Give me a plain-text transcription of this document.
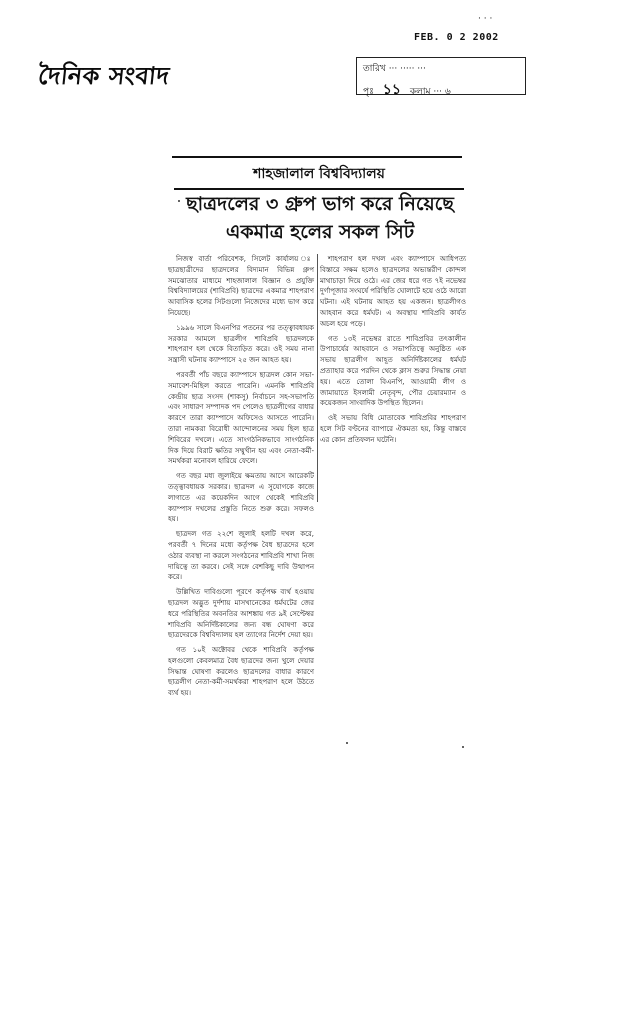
· · ·
FEB. 0 2 2002
দৈনিক সংবাদ	তারিখ ··· ····· ···
পৃঃ ১১ কলাম ··· ৬
শাহজালাল বিশ্ববিদ্যালয়
ছাত্রদলের ৩ গ্রুপ ভাগ করে নিয়েছে
একমাত্র হলের সকল সিট

নিজস্ব বার্তা পরিবেশক, সিলেট কার্যালয় ঃ ছাত্রছাত্রীদের ছাত্রদলের বিদ্যমান বিভিন্ন গ্রুপ সমঝোতার মাধ্যমে শাহজালাল বিজ্ঞান ও প্রযুক্তি বিশ্ববিদ্যালয়ের (শাবিপ্রবি) ছাত্রদের একমাত্র শাহপরাণ আবাসিক হলের সিটগুলো নিজেদের মধ্যে ভাগ করে নিয়েছে।

১৯৯৬ সালে বিএনপির পতনের পর তত্ত্বাবধায়ক সরকার আমলে ছাত্রলীগ শাবিপ্রবি ছাত্রদলকে শাহপরাণ হল থেকে বিতাড়িত করে। ওই সময় নানা সন্ত্রাসী ঘটনায় ক্যাম্পাসে ২৫ জন আহত হয়।

পরবর্তী পাঁচ বছরে ক্যাম্পাসে ছাত্রদল কোন সভা-সমাবেশ-মিছিল করতে পারেনি। এমনকি শাবিপ্রবি কেন্দ্রীয় ছাত্র সংসদ (শাকসু) নির্বাচনে সহ-সভাপতি এবং সাধারণ সম্পাদক পদ পেলেও ছাত্রলীগের বাধার কারণে তারা ক্যাম্পাসে অফিসেও আসতে পারেনি। তারা নামকরা বিরোধী আন্দোলনের সময় ছিল ছাত্র শিবিরের দখলে। এতে সাংগঠনিকভাবে সাংগঠনিক দিক দিয়ে বিরাট ক্ষতির সম্মুখীন হয় এবং নেতা-কর্মী-সমর্থকরা মনোবল হারিয়ে ফেলে।

গত বছর মধ্য জুলাইয়ে ক্ষমতায় আসে আরেকটি তত্ত্বাবধায়ক সরকার। ছাত্রদল এ সুযোগকে কাজে লাগাতে এর কয়েকদিন আগে থেকেই শাবিপ্রবি ক্যাম্পাস দখলের প্রস্তুতি নিতে শুরু করে। সফলও হয়।

ছাত্রদল গত ২২শে জুলাই হলটি দখল করে, পরবর্তী ৭ দিনের মধ্যে কর্তৃপক্ষ বৈধ ছাত্রদের হলে ওঠার ব্যবস্থা না করলে সংগঠনের শাবিপ্রবি শাখা নিজ দায়িত্বে তা করবে। সেই সঙ্গে বেশকিছু দাবি উত্থাপন করে।

উল্লিখিত দাবিগুলো পূরণে কর্তৃপক্ষ ব্যর্থ হওয়ায় ছাত্রদল অদ্ভুত দুর্দশায় মাসখানেকের ধর্মঘটের জের ধরে পরিস্থিতির অবনতির আশঙ্কায় গত ৯ই সেপ্টেম্বর শাবিপ্রবি অনির্দিষ্টকালের জন্য বন্ধ ঘোষণা করে ছাত্রদেরকে বিশ্ববিদ্যালয় হল ত্যাগের নির্দেশ দেয়া হয়।

গত ১০ই অক্টোবর থেকে শাবিপ্রবি কর্তৃপক্ষ হলগুলো কেবলমাত্র বৈধ ছাত্রদের জন্য খুলে দেয়ার সিদ্ধান্ত ঘোষণা করলেও ছাত্রদলের বাধার কারণে ছাত্রলীগ নেতা-কর্মী-সমর্থকরা শাহপরাণ হলে উঠতে ব্যর্থ হয়।

শাহপরাণ হল দখল এবং ক্যাম্পাসে আধিপত্য বিস্তারে সক্ষম হলেও ছাত্রদলের অভ্যন্তরীণ কোন্দল মাথাচাড়া দিয়ে ওঠে। এর জের ধরে গত ৭ই নভেম্বর দুর্গাপূজার সংঘর্ষে পরিস্থিতি ঘোলাটে হয়ে ওঠে আরো ঘটনা। এই ঘটনায় আহত হয় একজন। ছাত্রলীগও আহবান করে ধর্মঘট। এ অবস্থায় শাবিপ্রবি কার্যত অচল হয়ে পড়ে।

গত ১৩ই নভেম্বর রাতে শাবিপ্রবির তৎকালীন উপাচার্যের আহবানে ও সভাপতিত্বে অনুষ্ঠিত এক সভায় ছাত্রলীগ আহূত অনির্দিষ্টকালের ধর্মঘট প্রত্যাহার করে পরদিন থেকে ক্লাস শুরুর সিদ্ধান্ত নেয়া হয়। এতে তোলা বিএনপি, আওয়ামী লীগ ও জামায়াতে ইসলামী নেতৃবৃন্দ, পৌর চেয়ারম্যান ও কয়েকজন সাংবাদিক উপস্থিত ছিলেন।

ওই সভায় বিধি মোতাবেক শাবিপ্রবির শাহপরাণ হলে সিট বণ্টনের ব্যাপারে ঐকমত্য হয়, কিন্তু বাস্তবে এর কোন প্রতিফলন ঘটেনি।
